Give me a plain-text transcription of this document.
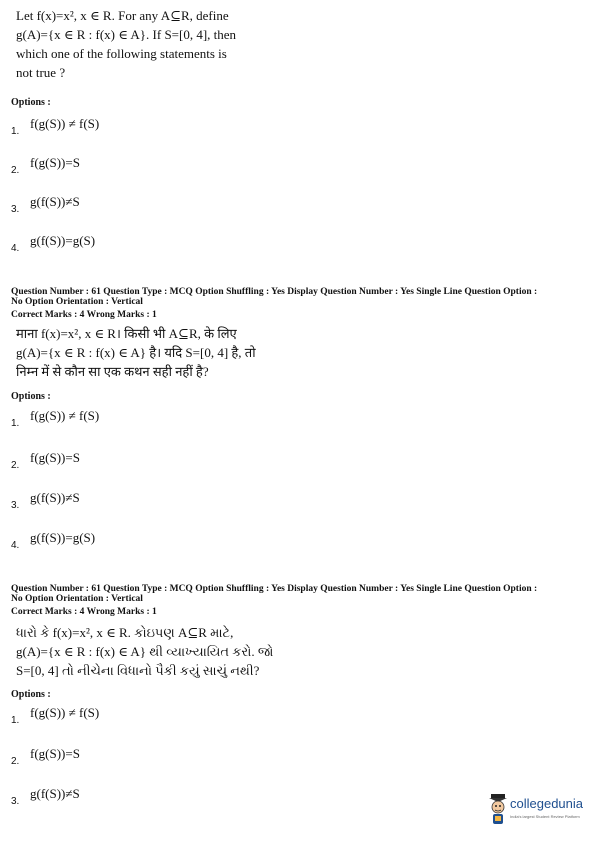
Let f(x)=x², x ∈ R. For any A⊆R, define

g(A)={x ∈ R : f(x) ∈ A}. If S=[0, 4], then

which one of the following statements is

not true ?

Options :
1.
f(g(S)) ≠ f(S)
2.
f(g(S))=S
3.
g(f(S))≠S
4.
g(f(S))=g(S)

Question Number : 61 Question Type : MCQ Option Shuffling : Yes Display Question Number : Yes Single Line Question Option :

No Option Orientation : Vertical

Correct Marks : 4 Wrong Marks : 1

माना f(x)=x², x ∈ R। किसी भी A⊆R, के लिए

g(A)={x ∈ R : f(x) ∈ A} है। यदि S=[0, 4] है, तो

निम्न में से कौन सा एक कथन सही नहीं है?

Options :
1.
f(g(S)) ≠ f(S)
2.
f(g(S))=S
3.
g(f(S))≠S
4.
g(f(S))=g(S)

Question Number : 61 Question Type : MCQ Option Shuffling : Yes Display Question Number : Yes Single Line Question Option :

No Option Orientation : Vertical

Correct Marks : 4 Wrong Marks : 1

ધારો કે f(x)=x², x ∈ R. કોઇપણ A⊆R માટે,

g(A)={x ∈ R : f(x) ∈ A} થી વ્યાખ્યાયિત કરો. જો

S=[0, 4] તો નીચેના વિધાનો પૈકી કયું સાચું નથી?

Options :
1.
f(g(S)) ≠ f(S)
2.
f(g(S))=S
3.
g(f(S))≠S
collegedunia
India's largest Student Review Platform
